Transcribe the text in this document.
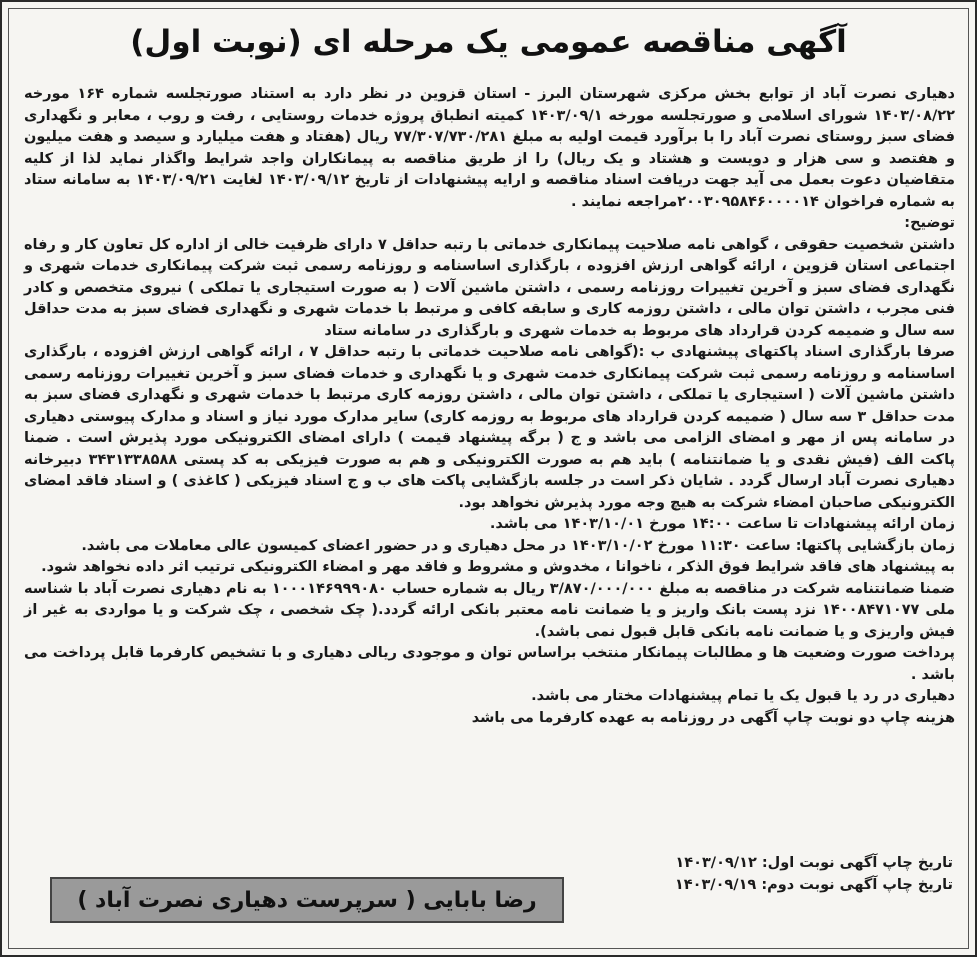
آگهی مناقصه عمومی یک مرحله ای (نوبت اول)

دهیاری نصرت آباد از توابع بخش مرکزی شهرستان البرز - استان قزوین در نظر دارد به استناد صورتجلسه شماره ۱۶۴ مورخه ۱۴۰۳/۰۸/۲۲ شورای اسلامی و صورتجلسه مورخه ۱۴۰۳/۰۹/۱ کمیته انطباق پروژه خدمات روستایی ، رفت و روب ، معابر و نگهداری فضای سبز روستای نصرت آباد را با برآورد قیمت اولیه به مبلغ ۷۷/۳۰۷/۷۳۰/۲۸۱ ریال (هفتاد و هفت میلیارد و سیصد و هفت میلیون و هفتصد و سی هزار و دویست و هشتاد و یک ریال) را از طریق مناقصه به پیمانکاران واجد شرایط واگذار نماید لذا از کلیه متقاضیان دعوت بعمل می آید جهت دریافت اسناد مناقصه و ارایه پیشنهادات از تاریخ ۱۴۰۳/۰۹/۱۲ لغایت ۱۴۰۳/۰۹/۲۱ به سامانه ستاد به شماره فراخوان ۲۰۰۳۰۹۵۸۴۶۰۰۰۰۱۴مراجعه نمایند .

توضیح:

داشتن شخصیت حقوقی ، گواهی نامه صلاحیت پیمانکاری خدماتی با رتبه حداقل ۷ دارای ظرفیت خالی از اداره کل تعاون کار و رفاه اجتماعی استان قزوین ، ارائه گواهی ارزش افزوده ، بارگذاری اساسنامه و روزنامه رسمی ثبت شرکت پیمانکاری خدمات شهری و نگهداری فضای سبز و آخرین تغییرات روزنامه رسمی ، داشتن ماشین آلات ( به صورت استیجاری یا تملکی ) نیروی متخصص و کادر فنی مجرب ، داشتن توان مالی ، داشتن روزمه کاری و سابقه کافی و مرتبط با خدمات شهری و نگهداری فضای سبز به مدت حداقل سه سال و ضمیمه کردن قرارداد های مربوط به خدمات شهری و بارگذاری در سامانه ستاد

صرفا بارگذاری اسناد پاکتهای پیشنهادی ب :(گواهی نامه صلاحیت خدماتی با رتبه حداقل ۷ ، ارائه گواهی ارزش افزوده ، بارگذاری اساسنامه و روزنامه رسمی ثبت شرکت پیمانکاری خدمت شهری و یا نگهداری و خدمات فضای سبز و آخرین تغییرات روزنامه رسمی داشتن ماشین آلات ( استیجاری یا تملکی ، داشتن توان مالی ، داشتن روزمه کاری مرتبط با خدمات شهری و نگهداری فضای سبز به مدت حداقل ۳ سه سال ( ضمیمه کردن قرارداد های مربوط به روزمه کاری) سایر مدارک مورد نیاز و اسناد و مدارک پیوستی دهیاری در سامانه پس از مهر و امضای الزامی می باشد و ج ( برگه پیشنهاد قیمت ) دارای امضای الکترونیکی مورد پذیرش است . ضمنا پاکت الف (فیش نقدی و یا ضمانتنامه ) باید هم به صورت الکترونیکی و هم به صورت فیزیکی به کد پستی ۳۴۳۱۳۳۸۵۸۸ دبیرخانه دهیاری نصرت آباد ارسال گردد . شایان ذکر است در جلسه بازگشایی پاکت های ب و ج اسناد فیزیکی ( کاغذی ) و اسناد فاقد امضای الکترونیکی صاحبان امضاء شرکت به هیچ وجه مورد پذیرش نخواهد بود.

زمان ارائه پیشنهادات تا ساعت ۱۴:۰۰ مورخ ۱۴۰۳/۱۰/۰۱ می باشد.

زمان بازگشایی پاکتها: ساعت ۱۱:۳۰ مورخ ۱۴۰۳/۱۰/۰۲ در محل دهیاری و در حضور اعضای کمیسون عالی معاملات می باشد.

به پیشنهاد های فاقد شرایط فوق الذکر ، ناخوانا ، مخدوش و مشروط و فاقد مهر و امضاء الکترونیکی ترتیب اثر داده نخواهد شود.

ضمنا ضمانتنامه شرکت در مناقصه به مبلغ ۳/۸۷۰/۰۰۰/۰۰۰ ریال به شماره حساب ۱۰۰۰۱۴۶۹۹۹۰۸۰ به نام دهیاری نصرت آباد با شناسه ملی ۱۴۰۰۸۴۷۱۰۷۷ نزد پست بانک واریز و یا ضمانت نامه معتبر بانکی ارائه گردد.( چک شخصی ، چک شرکت و یا مواردی به غیر از فیش واریزی و یا ضمانت نامه بانکی قابل قبول نمی باشد).

پرداخت صورت وضعیت ها و مطالبات پیمانکار منتخب براساس توان و موجودی ریالی دهیاری و با تشخیص کارفرما قابل پرداخت می باشد .

دهیاری در رد یا قبول یک یا تمام پیشنهادات مختار می باشد.

هزینه چاپ دو نوبت چاپ آگهی در روزنامه به عهده کارفرما می باشد

تاریخ چاپ آگهی نوبت اول: ۱۴۰۳/۰۹/۱۲

تاریخ چاپ آگهی نوبت دوم: ۱۴۰۳/۰۹/۱۹

رضا بابایی ( سرپرست دهیاری نصرت آباد )
